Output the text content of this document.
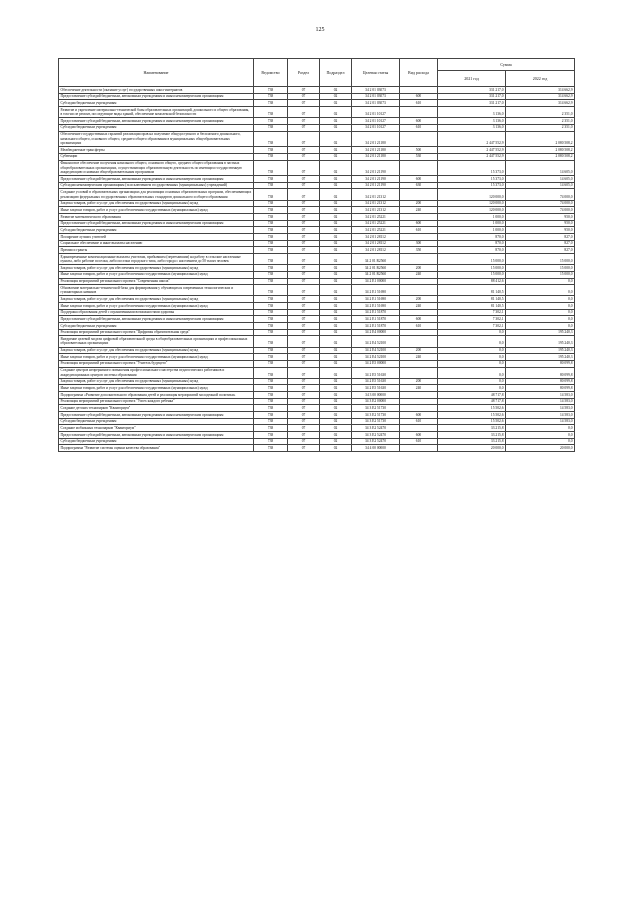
125
Наименование	Ведомство	Раздел	Подраздел	Целевая статья	Вид расхода	Сумма	
						2021 год	2022 год
Обеспечение деятельности (оказание услуг) государственных школ-интернатов	738	07	02	34 2 01 03073		331 217,0	314 662,9
Предоставление субсидий бюджетным, автономным учреждениям и иным некоммерческим организациям	738	07	02	34 2 01 03073	600	331 217,0	314 662,9
Субсидии бюджетным учреждениям	738	07	02	34 2 01 03073	610	331 217,0	314 662,9
Развитие и укрепление материально-технической базы образовательных организаций, дошкольного и общего образования, в том числе ремонт, последующие виды зданий, обеспечение комплексной безопасности	738	07	02	34 2 01 10127		3 136,0	2 351,0
Предоставление субсидий бюджетным, автономным учреждениям и иным некоммерческим организациям	738	07	02	34 2 01 10127	600	3 136,0	2 351,0
Субсидии бюджетным учреждениям	738	07	02	34 2 01 10127	610	3 136,0	2 351,0
Обеспечение государственных гарантий реализации прав на получение общедоступного и бесплатного дошкольного, начального общего, основного общего, среднего общего образования в муниципальных общеобразовательных организациях	738	07	02	34 2 01 21180		2 447 552,9	2 080 508,2
Межбюджетные трансферты	738	07	02	34 2 01 21180	500	2 447 552,9	2 080 508,2
Субвенции	738	07	02	34 2 01 21180	530	2 447 552,9	2 080 508,2
Финансовое обеспечение получения начального общего, основного общего, среднего общего образования в частных общеобразовательных организациях, осуществляющих образовательную деятельность по имеющим государственную аккредитацию основным общеобразовательным программам	738	07	02	34 2 01 21190		15 373,0	14 605,0
Предоставление субсидий бюджетным, автономным учреждениям и иным некоммерческим организациям	738	07	02	34 2 01 21190	600	15 373,0	14 605,0
Субсидии некоммерческим организациям (за исключением государственных (муниципальных) учреждений)	738	07	02	34 2 01 21190	630	15 373,0	14 605,0
Создание условий в образовательных организациях для реализации основных образовательных программ, обеспечивающих реализацию федеральных государственных образовательных стандартов дошкольного и общего образования	738	07	02	34 2 01 21312		120 000,0	74 000,0
Закупка товаров, работ и услуг для обеспечения государственных (муниципальных) нужд	738	07	02	34 2 01 21312	200	120 000,0	74 000,0
Иные закупки товаров, работ и услуг для обеспечения государственных (муниципальных) нужд	738	07	02	34 2 01 21312	240	120 000,0	74 000,0
Развитие математического образования	738	07	02	34 2 01 25221		1 000,0	950,0
Предоставление субсидий бюджетным, автономным учреждениям и иным некоммерческим организациям	738	07	02	34 2 01 25221	600	1 000,0	950,0
Субсидии бюджетным учреждениям	738	07	02	34 2 01 25221	610	1 000,0	950,0
Поощрение лучших учителей	738	07	02	34 2 01 28112		870,0	827,0
Социальное обеспечение и иные выплаты населению	738	07	02	34 2 01 28112	300	870,0	827,0
Премии и гранты	738	07	02	34 2 01 28112	350	870,0	827,0
Единовременные компенсационные выплаты учителям, прибывшим (переехавшим) на работу в сельские населенные пункты, либо рабочие поселки, либо поселки городского типа, либо города с населением до 50 тысяч человек	738	07	02	34 2 01 R2560		15 000,0	15 000,0
Закупка товаров, работ и услуг для обеспечения государственных (муниципальных) нужд	738	07	02	34 2 01 R2560	200	15 000,0	15 000,0
Иные закупки товаров, работ и услуг для обеспечения государственных (муниципальных) нужд	738	07	02	34 2 01 R2560	240	15 000,0	15 000,0
Реализация мероприятий регионального проекта "Современная школа"	738	07	02	34 2 E1 00000		88 412,6	0,0
Обновление материально-технической базы для формирования у обучающихся современных технологических и гуманитарных навыков	738	07	02	34 2 E1 51690		81 140,5	0,0
Закупка товаров, работ и услуг для обеспечения государственных (муниципальных) нужд	738	07	02	34 2 E1 51690	200	81 140,5	0,0
Иные закупки товаров, работ и услуг для обеспечения государственных (муниципальных) нужд	738	07	02	34 2 E1 51690	240	81 140,5	0,0
Поддержка образования детей с ограниченными возможностями здоровья	738	07	02	34 2 E1 51870		7 302,1	0,0
Предоставление субсидий бюджетным, автономным учреждениям и иным некоммерческим организациям	738	07	02	34 2 E1 51870	600	7 302,1	0,0
Субсидии бюджетным учреждениям	738	07	02	34 2 E1 51870	610	7 302,1	0,0
Реализация мероприятий регионального проекта "Цифровая образовательная среда"	738	07	02	34 2 E4 00000		0,0	195 240,3
Внедрение целевой модели цифровой образовательной среды в общеобразовательных организациях и профессиональных образовательных организациях	738	07	02	34 2 E4 52100		0,0	195 240,3
Закупка товаров, работ и услуг для обеспечения государственных (муниципальных) нужд	738	07	02	34 2 E4 52100	200	0,0	195 240,3
Иные закупки товаров, работ и услуг для обеспечения государственных (муниципальных) нужд	738	07	02	34 2 E4 52100	240	0,0	195 240,3
Реализация мероприятий регионального проекта "Учитель будущего"	738	07	02	34 2 E5 00000		0,0	80 099,8
Создание центров непрерывного повышения профессионального мастерства педагогических работников и аккредитационных центров системы образования	738	07	02	34 2 E5 51630		0,0	80 099,8
Закупка товаров, работ и услуг для обеспечения государственных (муниципальных) нужд	738	07	02	34 2 E5 51630	200	0,0	80 099,8
Иные закупки товаров, работ и услуг для обеспечения государственных (муниципальных) нужд	738	07	02	34 2 E5 51630	240	0,0	80 099,8
Подпрограмма «Развитие дополнительного образования детей и реализация мероприятий молодежной политики»	738	07	02	34 3 00 00000		48 717,8	14 583,0
Реализация мероприятий регионального проекта "Успех каждого ребенка"	738	07	02	34 3 E2 00000		48 717,8	14 583,0
Создание детских технопарков "Кванториум"	738	07	02	34 3 E2 51730		15 502,6	14 583,0
Предоставление субсидий бюджетным, автономным учреждениям и иным некоммерческим организациям	738	07	02	34 3 E2 51730	600	15 502,6	14 583,0
Субсидии бюджетным учреждениям	738	07	02	34 3 E2 51730	610	15 502,6	14 583,0
Создание мобильных технопарков "Кванториум"	738	07	02	34 3 E2 52470		33 215,8	0,0
Предоставление субсидий бюджетным, автономным учреждениям и иным некоммерческим организациям	738	07	02	34 3 E2 52470	600	33 215,8	0,0
Субсидии бюджетным учреждениям	738	07	02	34 3 E2 52470	610	33 215,8	0,0
Подпрограмма "Развитие системы оценки качества образования"	738	07	02	34 4 00 00000		20 000,0	20 000,0
